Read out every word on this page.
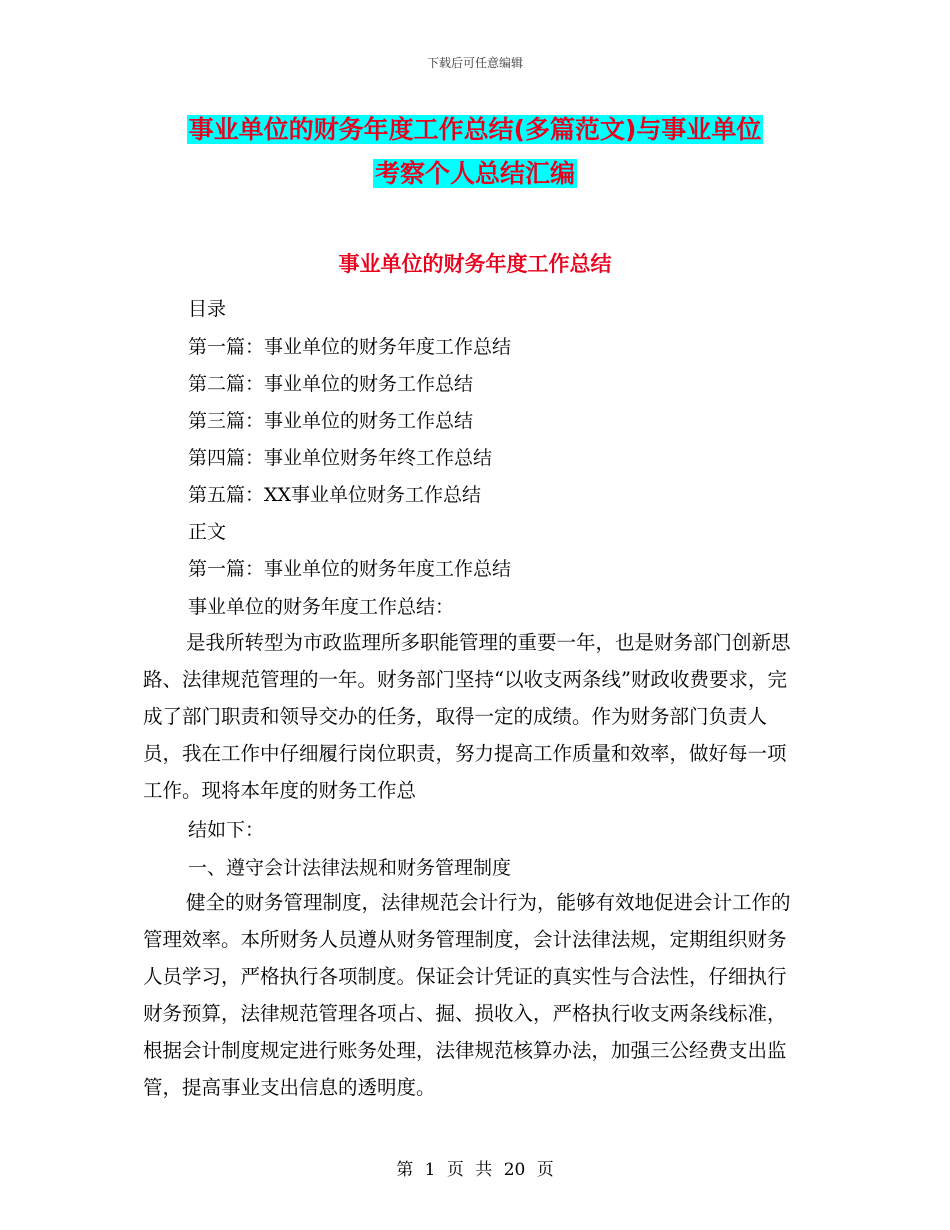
下载后可任意编辑
事业单位的财务年度工作总结(多篇范文)与事业单位
考察个人总结汇编
事业单位的财务年度工作总结
目录
第一篇：事业单位的财务年度工作总结
第二篇：事业单位的财务工作总结
第三篇：事业单位的财务工作总结
第四篇：事业单位财务年终工作总结
第五篇：XX事业单位财务工作总结
正文
第一篇：事业单位的财务年度工作总结
事业单位的财务年度工作总结：
是我所转型为市政监理所多职能管理的重要一年，也是财务部门创新思路、法律规范管理的一年。财务部门坚持“以收支两条线”财政收费要求，完成了部门职责和领导交办的任务，取得一定的成绩。作为财务部门负责人员，我在工作中仔细履行岗位职责，努力提高工作质量和效率，做好每一项工作。现将本年度的财务工作总
结如下：
一、遵守会计法律法规和财务管理制度
健全的财务管理制度，法律规范会计行为，能够有效地促进会计工作的管理效率。本所财务人员遵从财务管理制度，会计法律法规，定期组织财务人员学习，严格执行各项制度。保证会计凭证的真实性与合法性，仔细执行财务预算，法律规范管理各项占、掘、损收入，严格执行收支两条线标准，根据会计制度规定进行账务处理，法律规范核算办法，加强三公经费支出监管，提高事业支出信息的透明度。
第 1 页 共 20 页
